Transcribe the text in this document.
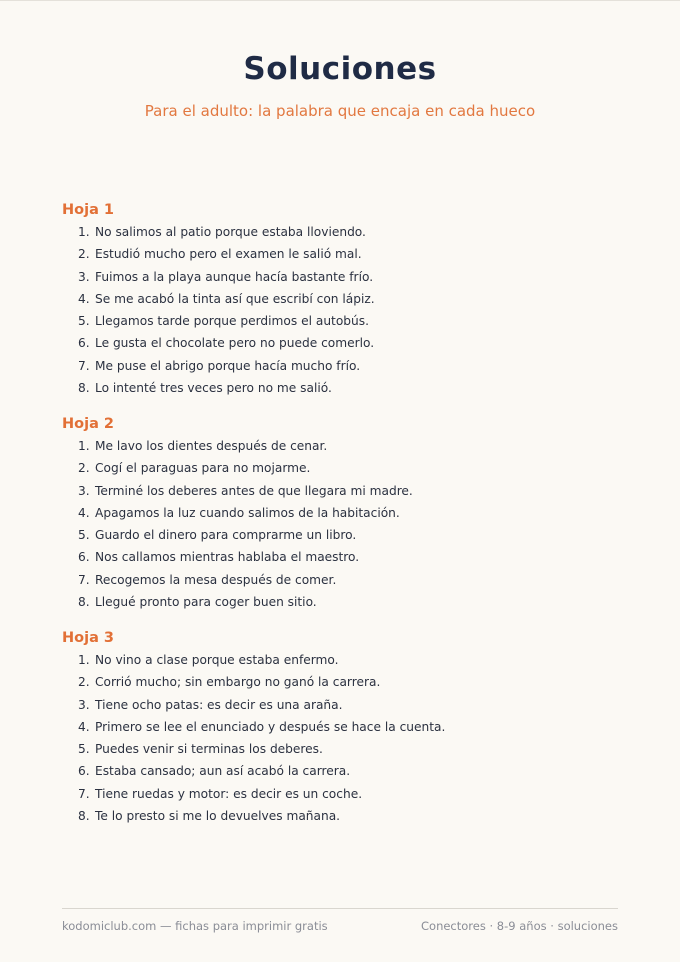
Soluciones
Para el adulto: la palabra que encaja en cada hueco
Hoja 1
1. No salimos al patio porque estaba lloviendo.
2. Estudió mucho pero el examen le salió mal.
3. Fuimos a la playa aunque hacía bastante frío.
4. Se me acabó la tinta así que escribí con lápiz.
5. Llegamos tarde porque perdimos el autobús.
6. Le gusta el chocolate pero no puede comerlo.
7. Me puse el abrigo porque hacía mucho frío.
8. Lo intenté tres veces pero no me salió.
Hoja 2
1. Me lavo los dientes después de cenar.
2. Cogí el paraguas para no mojarme.
3. Terminé los deberes antes de que llegara mi madre.
4. Apagamos la luz cuando salimos de la habitación.
5. Guardo el dinero para comprarme un libro.
6. Nos callamos mientras hablaba el maestro.
7. Recogemos la mesa después de comer.
8. Llegué pronto para coger buen sitio.
Hoja 3
1. No vino a clase porque estaba enfermo.
2. Corrió mucho; sin embargo no ganó la carrera.
3. Tiene ocho patas: es decir es una araña.
4. Primero se lee el enunciado y después se hace la cuenta.
5. Puedes venir si terminas los deberes.
6. Estaba cansado; aun así acabó la carrera.
7. Tiene ruedas y motor: es decir es un coche.
8. Te lo presto si me lo devuelves mañana.
kodomiclub.com — fichas para imprimir gratis	Conectores · 8-9 años · soluciones
